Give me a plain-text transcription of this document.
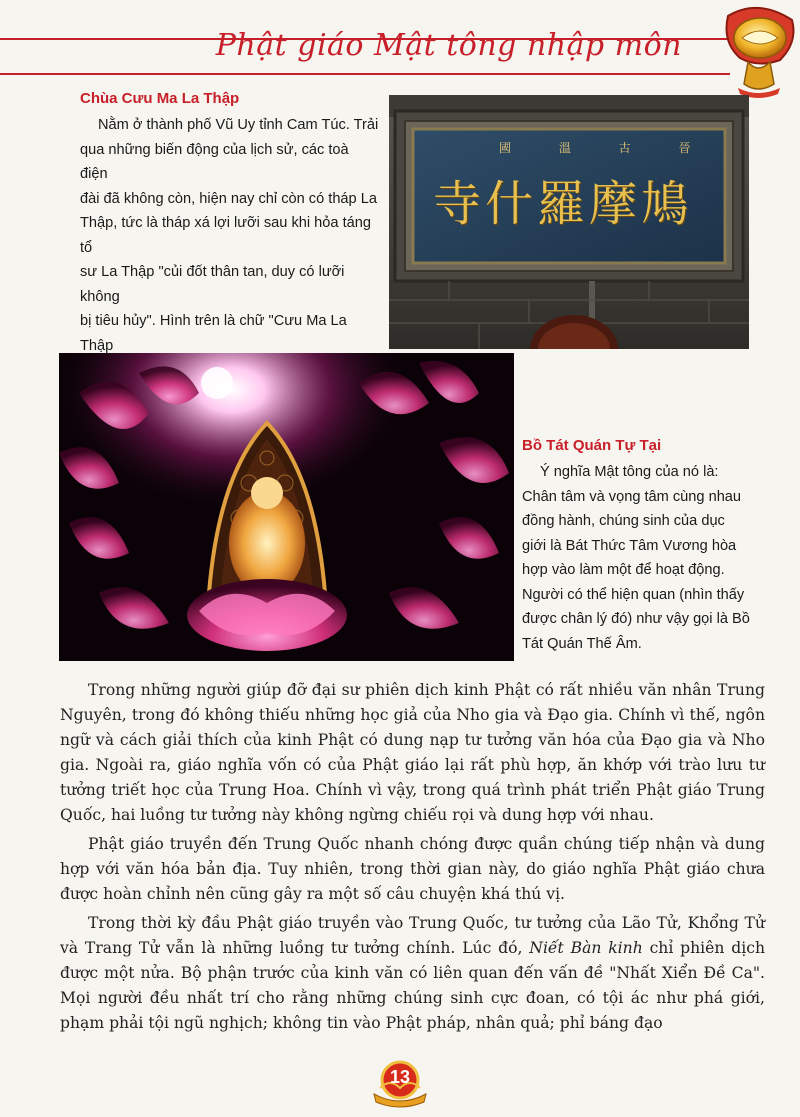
Phật giáo Mật tông nhập môn
Chùa Cưu Ma La Thập
Nằm ở thành phố Vũ Uy tỉnh Cam Túc. Trải
qua những biến động của lịch sử, các toà điện
đài đã không còn, hiện nay chỉ còn có tháp La
Thập, tức là tháp xá lợi lưỡi sau khi hỏa táng tổ
sư La Thập "củi đốt thân tan, duy có lưỡi không
bị tiêu hủy". Hình trên là chữ "Cưu Ma La Thập

國 溫 古 晉
寺什羅摩鳩
Bồ Tát Quán Tự Tại
Ý nghĩa Mật tông của nó là:
Chân tâm và vọng tâm cùng nhau
đồng hành, chúng sinh của dục
giới là Bát Thức Tâm Vương hòa
hợp vào làm một để hoạt động.
Người có thể hiện quan (nhìn thấy
được chân lý đó) như vậy gọi là Bồ
Tát Quán Thế Âm.

Trong những người giúp đỡ đại sư phiên dịch kinh Phật có rất nhiều văn nhân Trung Nguyên, trong đó không thiếu những học giả của Nho gia và Đạo gia. Chính vì thế, ngôn ngữ và cách giải thích của kinh Phật có dung nạp tư tưởng văn hóa của Đạo gia và Nho gia. Ngoài ra, giáo nghĩa vốn có của Phật giáo lại rất phù hợp, ăn khớp với trào lưu tư tưởng triết học của Trung Hoa. Chính vì vậy, trong quá trình phát triển Phật giáo Trung Quốc, hai luồng tư tưởng này không ngừng chiếu rọi và dung hợp với nhau.

Phật giáo truyền đến Trung Quốc nhanh chóng được quần chúng tiếp nhận và dung hợp với văn hóa bản địa. Tuy nhiên, trong thời gian này, do giáo nghĩa Phật giáo chưa được hoàn chỉnh nên cũng gây ra một số câu chuyện khá thú vị.

Trong thời kỳ đầu Phật giáo truyền vào Trung Quốc, tư tưởng của Lão Tử, Khổng Tử và Trang Tử vẫn là những luồng tư tưởng chính. Lúc đó, Niết Bàn kinh chỉ phiên dịch được một nửa. Bộ phận trước của kinh văn có liên quan đến vấn đề "Nhất Xiển Đề Ca". Mọi người đều nhất trí cho rằng những chúng sinh cực đoan, có tội ác như phá giới, phạm phải tội ngũ nghịch; không tin vào Phật pháp, nhân quả; phỉ báng đạo

13
